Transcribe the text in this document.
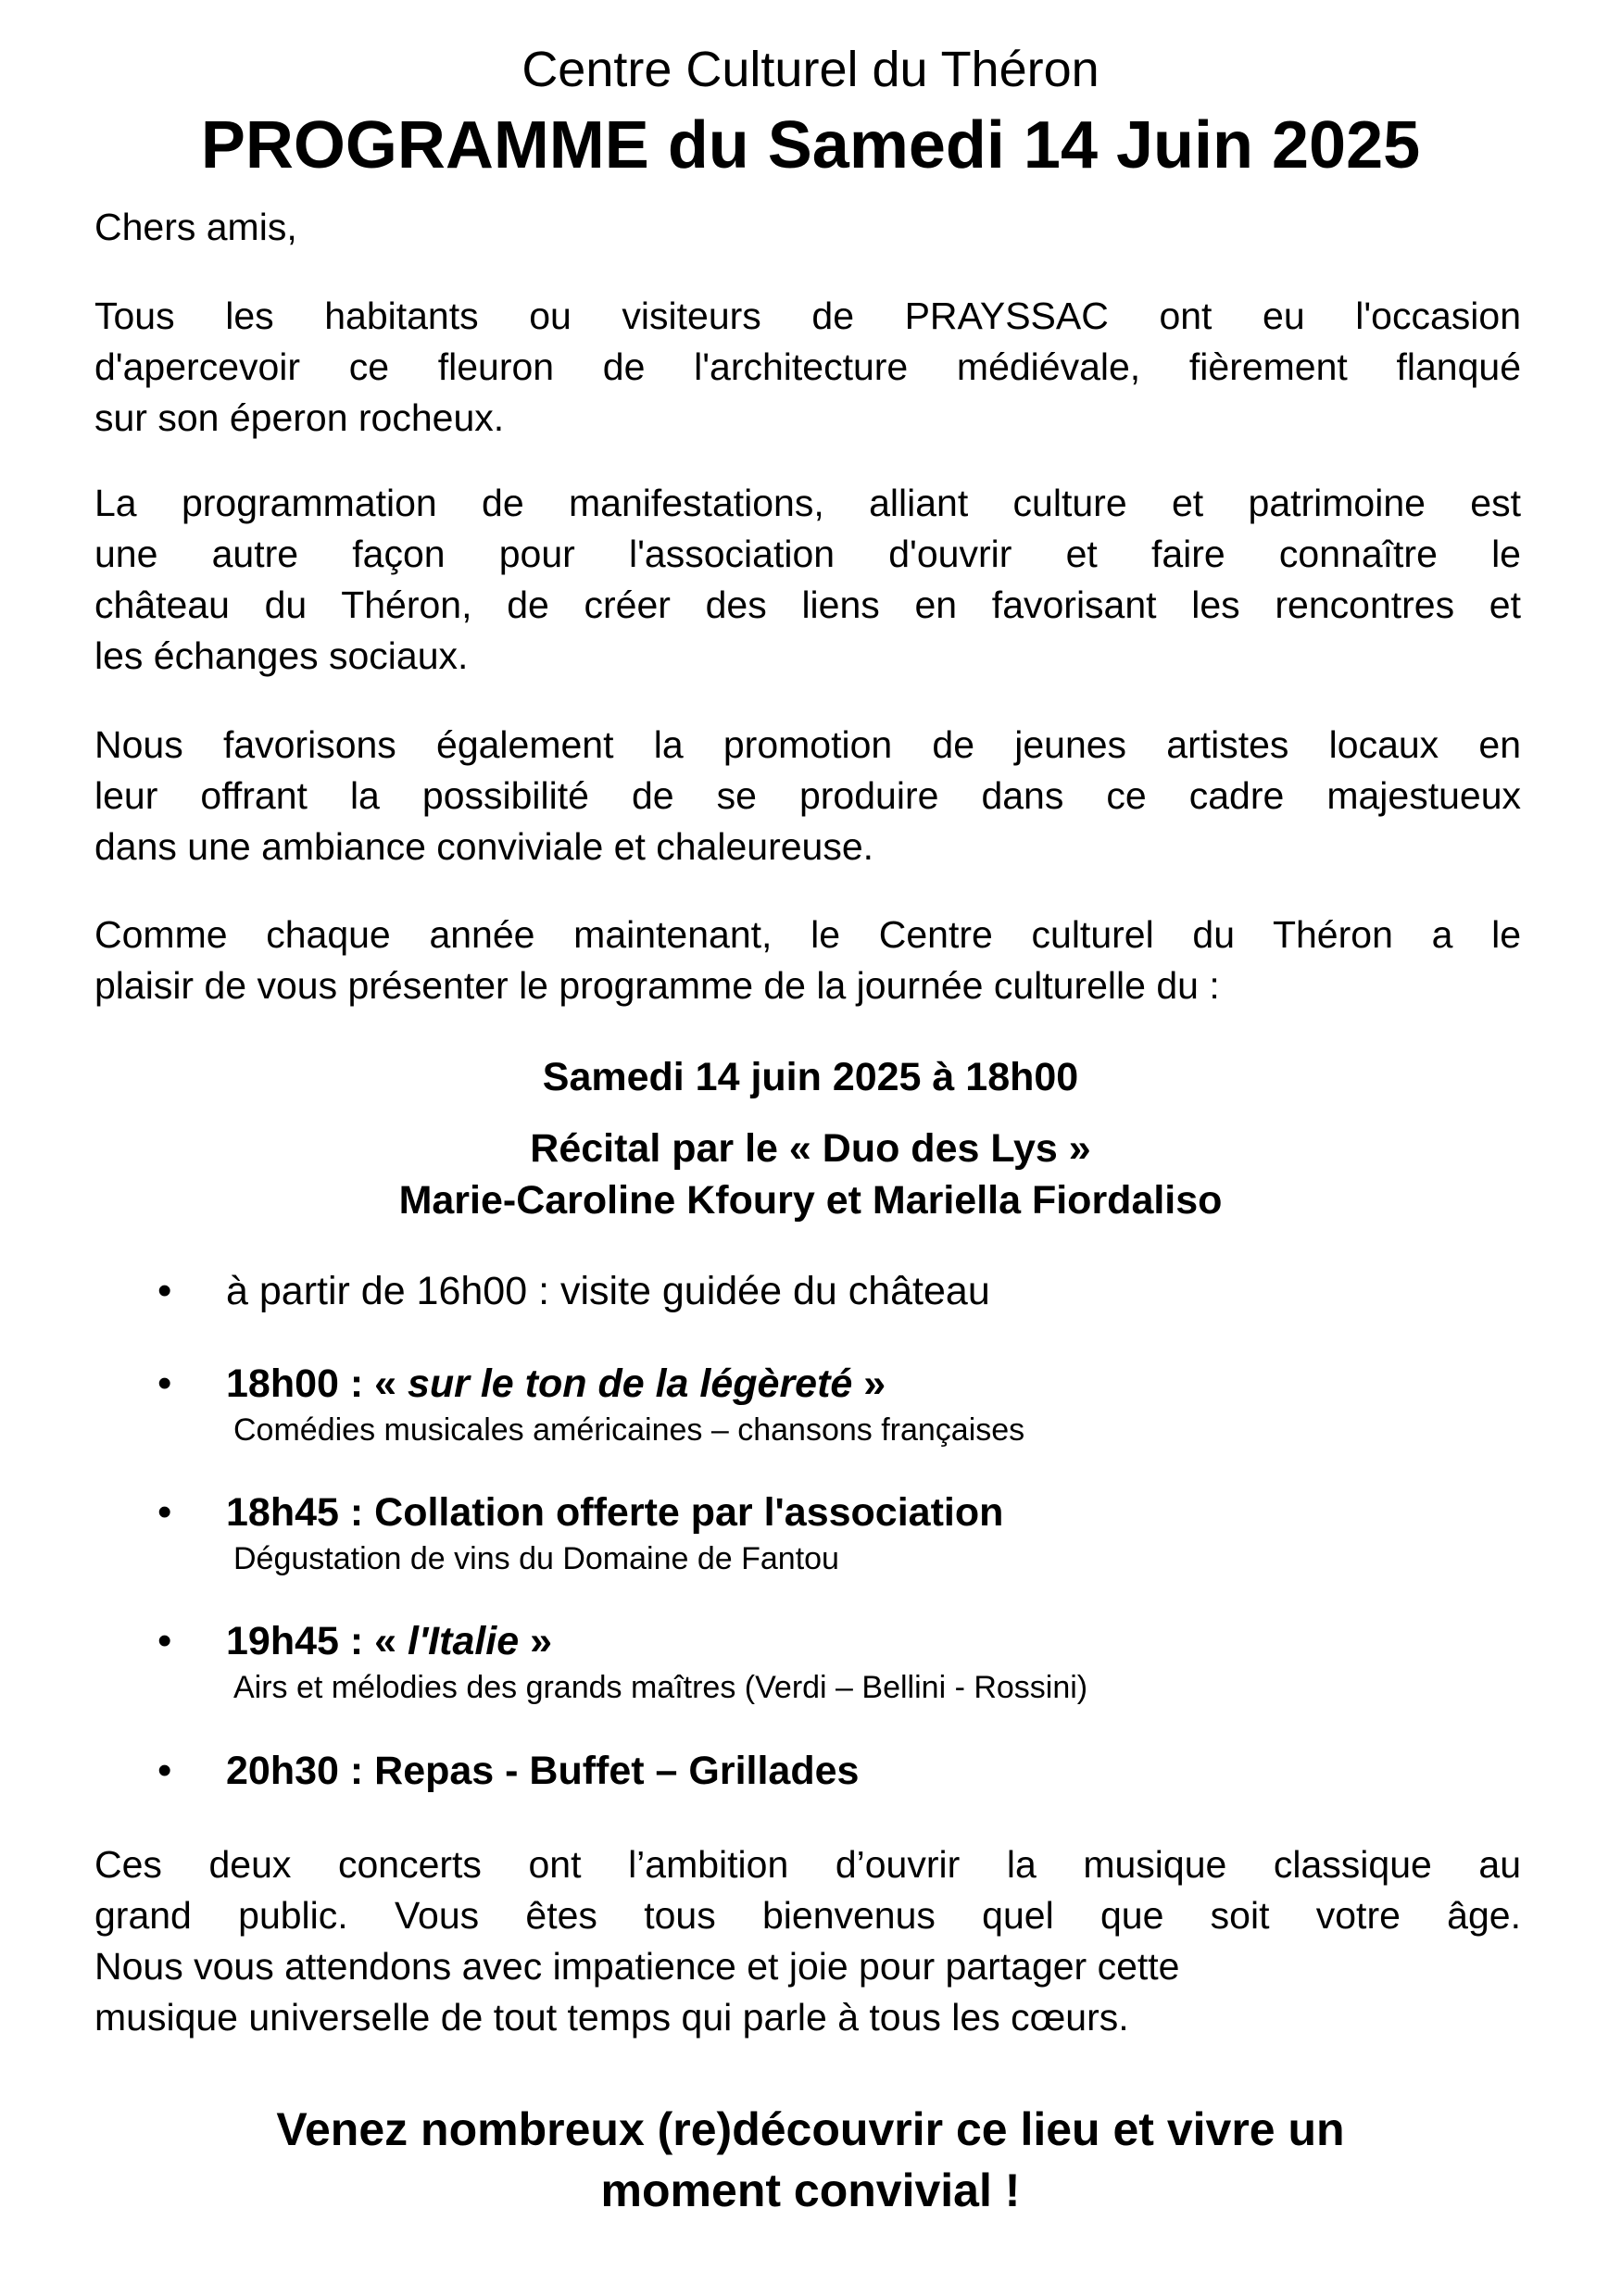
Centre Culturel du Théron
PROGRAMME du Samedi 14 Juin 2025

Chers amis,

Tous les habitants ou visiteurs de PRAYSSAC ont eu l'occasion
d'apercevoir ce fleuron de l'architecture médiévale, fièrement flanqué
sur son éperon rocheux.

La programmation de manifestations, alliant culture et patrimoine est
une autre façon pour l'association d'ouvrir et faire connaître le
château du Théron, de créer des liens en favorisant les rencontres et
les échanges sociaux.

Nous favorisons également la promotion de jeunes artistes locaux en
leur offrant la possibilité de se produire dans ce cadre majestueux
dans une ambiance conviviale et chaleureuse.

Comme chaque année maintenant, le Centre culturel du Théron a le
plaisir de vous présenter le programme de la journée culturelle du :

Samedi 14 juin 2025 à 18h00

Récital par le « Duo des Lys »

Marie-Caroline Kfoury et Mariella Fiordaliso

• à partir de 16h00 : visite guidée du château
• 18h00 : « sur le ton de la légèreté »
Comédies musicales américaines – chansons françaises
• 18h45 : Collation offerte par l'association
Dégustation de vins du Domaine de Fantou
• 19h45 : « l'Italie »
Airs et mélodies des grands maîtres (Verdi – Bellini - Rossini)
• 20h30 : Repas - Buffet – Grillades

Ces deux concerts ont l’ambition d’ouvrir la musique classique au
grand public. Vous êtes tous bienvenus quel que soit votre âge.
Nous vous attendons avec impatience et joie pour partager cette
musique universelle de tout temps qui parle à tous les cœurs.

Venez nombreux (re)découvrir ce lieu et vivre un

moment convivial !
